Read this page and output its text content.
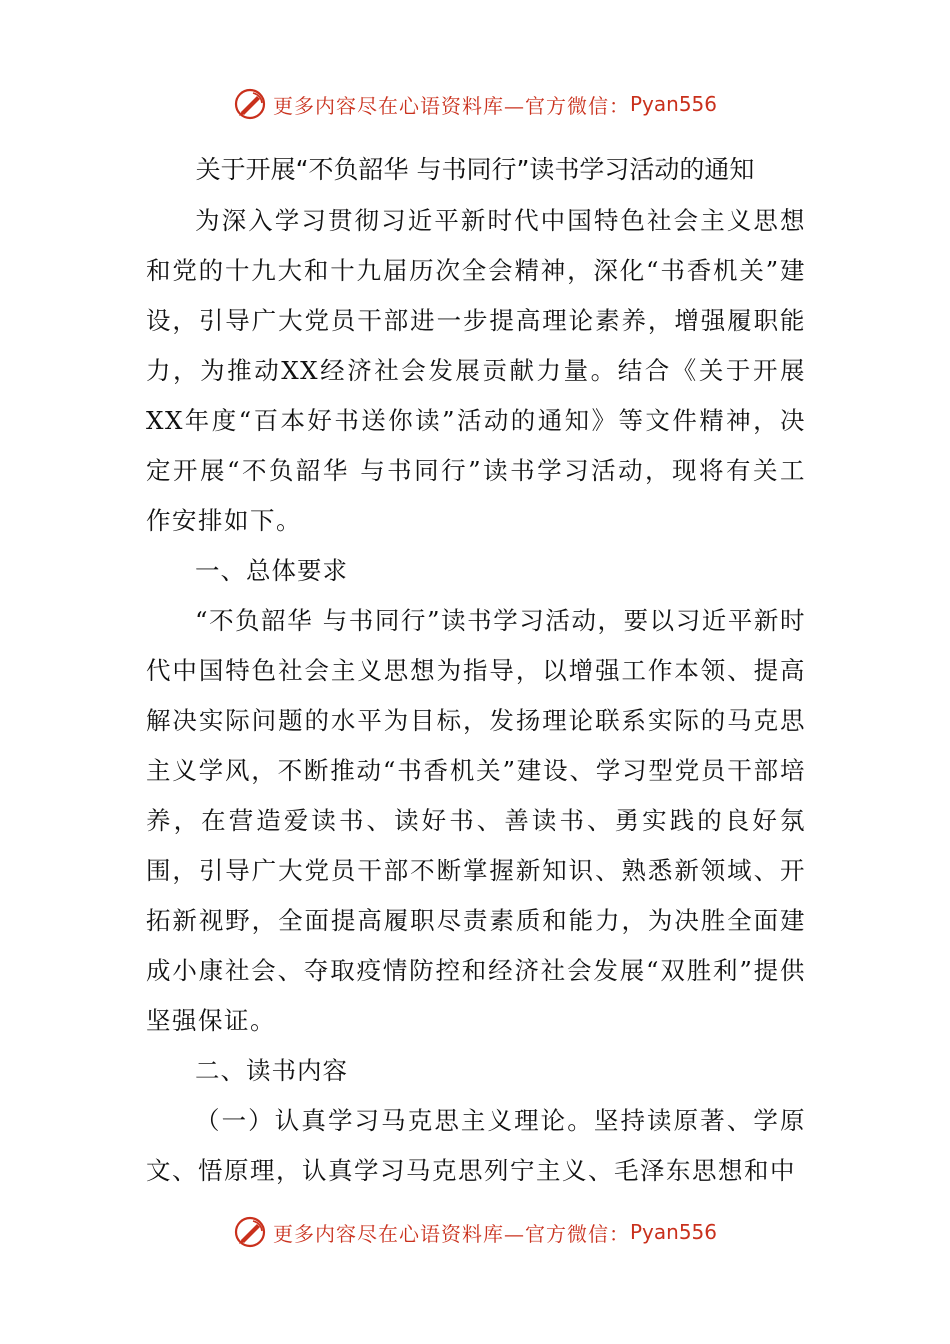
更多内容尽在心语资料库—官方微信： Pyan556
关于开展“不负韶华 与书同行”读书学习活动的通知

为深入学习贯彻习近平新时代中国特色社会主义思想和党的十九大和十九届历次全会精神，深化“书香机关”建设，引导广大党员干部进一步提高理论素养，增强履职能力，为推动XX经济社会发展贡献力量。结合《关于开展XX年度“百本好书送你读”活动的通知》等文件精神，决定开展“不负韶华 与书同行”读书学习活动，现将有关工作安排如下。

一、总体要求

“不负韶华 与书同行”读书学习活动，要以习近平新时代中国特色社会主义思想为指导，以增强工作本领、提高解决实际问题的水平为目标，发扬理论联系实际的马克思主义学风，不断推动“书香机关”建设、学习型党员干部培养，在营造爱读书、读好书、善读书、勇实践的良好氛围，引导广大党员干部不断掌握新知识、熟悉新领域、开拓新视野，全面提高履职尽责素质和能力，为决胜全面建成小康社会、夺取疫情防控和经济社会发展“双胜利”提供坚强保证。

二、读书内容

（一）认真学习马克思主义理论。坚持读原著、学原文、悟原理，认真学习马克思列宁主义、毛泽东思想和中

更多内容尽在心语资料库—官方微信： Pyan556
